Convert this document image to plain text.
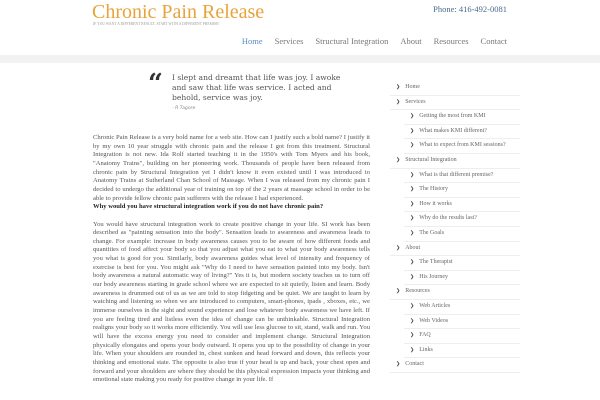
Chronic Pain Release
IF YOU WANT A DIFFERENT RESULT, START WITH A DIFFERENT PREMISE!
Phone: 416-492-0081
Home Services Structural Integration About Resources Contact
“ I slept and dreamt that life was joy. I awoke and saw that life was service. I acted and behold, service was joy.
- R Tagore

Chronic Pain Release is a very bold name for a web site. How can I justify such a bold name? I justify it by my own 10 year struggle with chronic pain and the release I got from this treatment. Structural Integration is not new. Ida Rolf started teaching it in the 1950's with Tom Myers and his book, "Anatomy Trains", building on her pioneering work. Thousands of people have been released from chronic pain by Structural Integration yet I didn't know it even existed until I was introduced to Anatomy Trains at Sutherland Chan School of Massage. When I was released from my chronic pain I decided to undergo the additional year of training on top of the 2 years at massage school in order to be able to provide fellow chronic pain sufferers with the release I had experienced.

Why would you have structural integration work if you do not have chronic pain?

You would have structural integration work to create positive change in your life. SI work has been described as "painting sensation into the body". Sensation leads to awareness and awareness leads to change. For example: increase in body awareness causes you to be aware of how different foods and quantities of food affect your body so that you adjust what you eat to what your body awareness tells you what is good for you. Similarly, body awareness guides what level of intensity and frequency of exercise is best for you. You might ask "Why do I need to have sensation painted into my body. Isn't body awareness a natural automatic way of living?" Yes it is, but modern society teaches us to turn off our body awareness starting in grade school where we are expected to sit quietly, listen and learn. Body awareness is drummed out of us as we are told to stop fidgeting and be quiet. We are taught to learn by watching and listening so when we are introduced to computers, smart-phones, ipads , xboxes, etc., we immerse ourselves in the sight and sound experience and lose whatever body awareness we have left. If you are feeling tired and listless even the idea of change can be unthinkable. Structural Integration realigns your body so it works more efficiently. You will use less glucose to sit, stand, walk and run. You will have the excess energy you need to consider and implement change. Structural Integration physically elongates and opens your body outward. It opens you up to the possibility of change in your life. When your shoulders are rounded in, chest sunken and head forward and down, this reflects your thinking and emotional state. The opposite is also true if your head is up and back, your chest open and forward and your shoulders are where they should be this physical expression impacts your thinking and emotional state making you ready for positive change in your life. If

❯ Home
❯ Services
❯ Getting the most from KMI
❯ What makes KMI different?
❯ What to expect from KMI sessions?
❯ Structural Integration
❯ What is that different premise?
❯ The History
❯ How it works
❯ Why do the results last?
❯ The Goals
❯ About
❯ The Therapist
❯ His Journey
❯ Resources
❯ Web Articles
❯ Web Videos
❯ FAQ
❯ Links
❯ Contact
